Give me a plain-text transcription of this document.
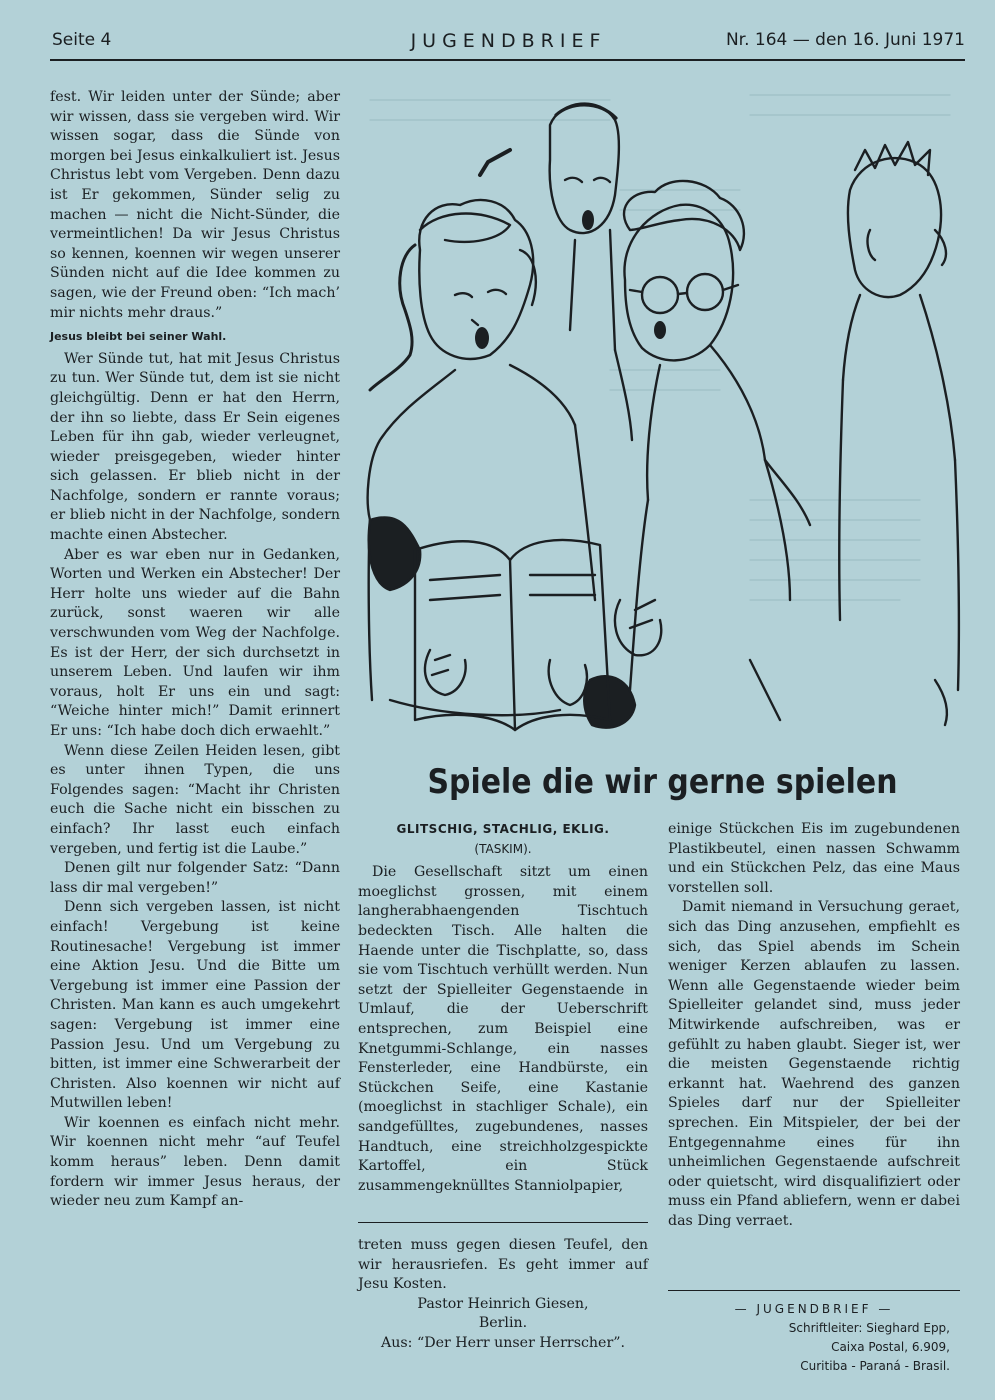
Seite 4	JUGENDBRIEF	Nr. 164 — den 16. Juni 1971

fest. Wir leiden unter der Sünde; aber wir wissen, dass sie vergeben wird. Wir wissen sogar, dass die Sünde von morgen bei Jesus einkalkuliert ist. Jesus Christus lebt vom Vergeben. Denn dazu ist Er gekommen, Sünder selig zu machen — nicht die Nicht-Sünder, die vermeintlichen! Da wir Jesus Christus so kennen, koennen wir wegen unserer Sünden nicht auf die Idee kommen zu sagen, wie der Freund oben: “Ich mach’ mir nichts mehr draus.”

Jesus bleibt bei seiner Wahl.

Wer Sünde tut, hat mit Jesus Christus zu tun. Wer Sünde tut, dem ist sie nicht gleichgültig. Denn er hat den Herrn, der ihn so liebte, dass Er Sein eigenes Leben für ihn gab, wieder verleugnet, wieder preisgegeben, wieder hinter sich gelassen. Er blieb nicht in der Nachfolge, sondern er rannte voraus; er blieb nicht in der Nachfolge, sondern machte einen Abstecher.

Aber es war eben nur in Gedanken, Worten und Werken ein Abstecher! Der Herr holte uns wieder auf die Bahn zurück, sonst waeren wir alle verschwunden vom Weg der Nachfolge. Es ist der Herr, der sich durchsetzt in unserem Leben. Und laufen wir ihm voraus, holt Er uns ein und sagt: “Weiche hinter mich!” Damit erinnert Er uns: “Ich habe doch dich erwaehlt.”

Wenn diese Zeilen Heiden lesen, gibt es unter ihnen Typen, die uns Folgendes sagen: “Macht ihr Christen euch die Sache nicht ein bisschen zu einfach? Ihr lasst euch einfach vergeben, und fertig ist die Laube.”

Denen gilt nur folgender Satz: “Dann lass dir mal vergeben!”

Denn sich vergeben lassen, ist nicht einfach! Vergebung ist keine Routinesache! Vergebung ist immer eine Aktion Jesu. Und die Bitte um Vergebung ist immer eine Passion der Christen. Man kann es auch umgekehrt sagen: Vergebung ist immer eine Passion Jesu. Und um Vergebung zu bitten, ist immer eine Schwerarbeit der Christen. Also koennen wir nicht auf Mutwillen leben!

Wir koennen es einfach nicht mehr. Wir koennen nicht mehr “auf Teufel komm heraus” leben. Denn damit fordern wir immer Jesus heraus, der wieder neu zum Kampf an-

Spiele die wir gerne spielen

GLITSCHIG, STACHLIG, EKLIG.

(TASKIM).

Die Gesellschaft sitzt um einen moeglichst grossen, mit einem langherabhaengenden Tischtuch bedeckten Tisch. Alle halten die Haende unter die Tischplatte, so, dass sie vom Tischtuch verhüllt werden. Nun setzt der Spielleiter Gegenstaende in Umlauf, die der Ueberschrift entsprechen, zum Beispiel eine Knetgummi-Schlange, ein nasses Fensterleder, eine Handbürste, ein Stückchen Seife, eine Kastanie (moeglichst in stachliger Schale), ein sandgefülltes, zugebundenes, nasses Handtuch, eine streichholzgespickte Kartoffel, ein Stück zusammengeknülltes Stanniolpapier,

einige Stückchen Eis im zugebundenen Plastikbeutel, einen nassen Schwamm und ein Stückchen Pelz, das eine Maus vorstellen soll.

Damit niemand in Versuchung geraet, sich das Ding anzusehen, empfiehlt es sich, das Spiel abends im Schein weniger Kerzen ablaufen zu lassen. Wenn alle Gegenstaende wieder beim Spielleiter gelandet sind, muss jeder Mitwirkende aufschreiben, was er gefühlt zu haben glaubt. Sieger ist, wer die meisten Gegenstaende richtig erkannt hat. Waehrend des ganzen Spieles darf nur der Spielleiter sprechen. Ein Mitspieler, der bei der Entgegennahme eines für ihn unheimlichen Gegenstaende aufschreit oder quietscht, wird disqualifiziert oder muss ein Pfand abliefern, wenn er dabei das Ding verraet.

treten muss gegen diesen Teufel, den wir herausriefen. Es geht immer auf Jesu Kosten.

Pastor Heinrich Giesen,

Berlin.

Aus: “Der Herr unser Herrscher”.

— JUGENDBRIEF —
Schriftleiter: Sieghard Epp,
Caixa Postal, 6.909,
Curitiba - Paraná - Brasil.
